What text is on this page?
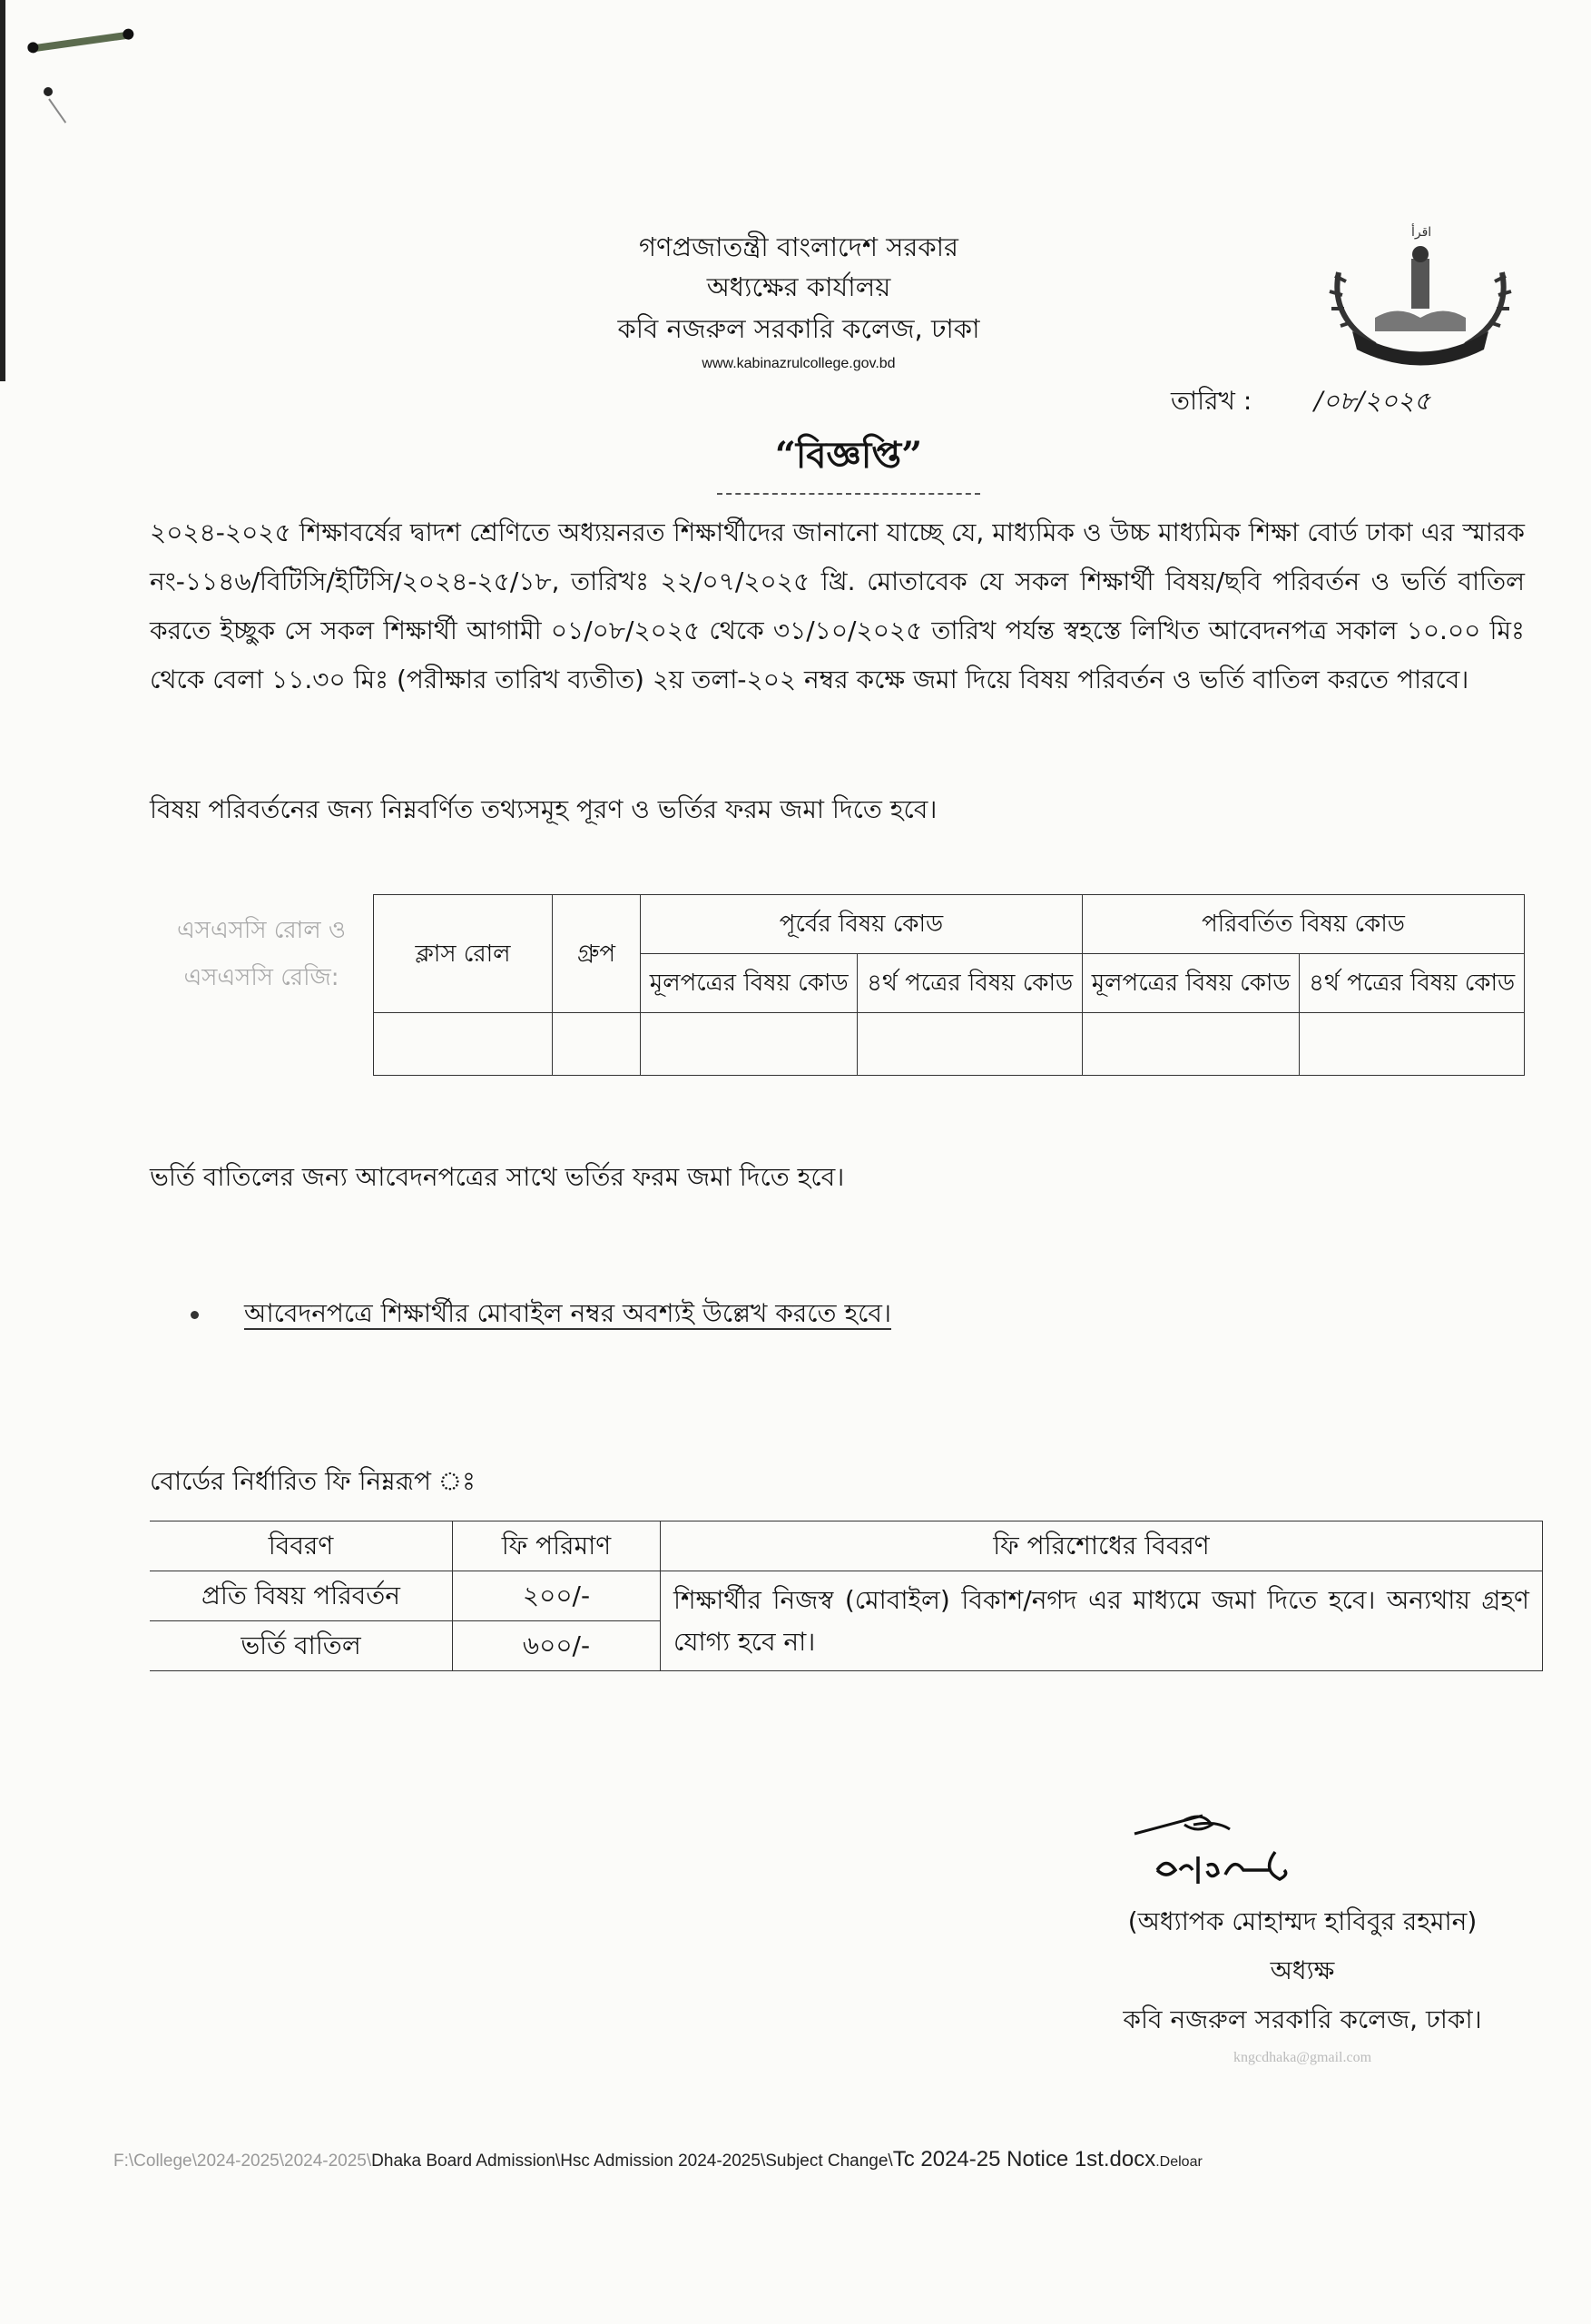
গণপ্রজাতন্ত্রী বাংলাদেশ সরকার
অধ্যক্ষের কার্যালয়
কবি নজরুল সরকারি কলেজ, ঢাকা
www.kabinazrulcollege.gov.bd
اقرأ
তারিখ : /০৮/২০২৫
“বিজ্ঞপ্তি”
২০২৪-২০২৫ শিক্ষাবর্ষের দ্বাদশ শ্রেণিতে অধ্যয়নরত শিক্ষার্থীদের জানানো যাচ্ছে যে, মাধ্যমিক ও উচ্চ মাধ্যমিক শিক্ষা বোর্ড ঢাকা এর স্মারক নং-১১৪৬/বিটিসি/ইটিসি/২০২৪-২৫/১৮, তারিখঃ ২২/০৭/২০২৫ খ্রি. মোতাবেক যে সকল শিক্ষার্থী বিষয়/ছবি পরিবর্তন ও ভর্তি বাতিল করতে ইচ্ছুক সে সকল শিক্ষার্থী আগামী ০১/০৮/২০২৫ থেকে ৩১/১০/২০২৫ তারিখ পর্যন্ত স্বহস্তে লিখিত আবেদনপত্র সকাল ১০.০০ মিঃ থেকে বেলা ১১.৩০ মিঃ (পরীক্ষার তারিখ ব্যতীত) ২য় তলা-২০২ নম্বর কক্ষে জমা দিয়ে বিষয় পরিবর্তন ও ভর্তি বাতিল করতে পারবে।
বিষয় পরিবর্তনের জন্য নিম্নবর্ণিত তথ্যসমূহ পূরণ ও ভর্তির ফরম জমা দিতে হবে।
এসএসসি রোল ও এসএসসি রেজি:	ক্লাস রোল	গ্রুপ	পূর্বের বিষয় কোড		পরিবর্তিত বিষয় কোড	
			মূলপত্রের বিষয় কোড	৪র্থ পত্রের বিষয় কোড	মূলপত্রের বিষয় কোড	৪র্থ পত্রের বিষয় কোড

ভর্তি বাতিলের জন্য আবেদনপত্রের সাথে ভর্তির ফরম জমা দিতে হবে।
আবেদনপত্রে শিক্ষার্থীর মোবাইল নম্বর অবশ্যই উল্লেখ করতে হবে।
বোর্ডের নির্ধারিত ফি নিম্নরূপ ঃ
বিবরণ	ফি পরিমাণ	ফি পরিশোধের বিবরণ
প্রতি বিষয় পরিবর্তন	২০০/-	শিক্ষার্থীর নিজস্ব (মোবাইল) বিকাশ/নগদ এর মাধ্যমে জমা দিতে হবে। অন্যথায় গ্রহণ যোগ্য হবে না।
ভর্তি বাতিল	৬০০/-	
(অধ্যাপক মোহাম্মদ হাবিবুর রহমান)
অধ্যক্ষ
কবি নজরুল সরকারি কলেজ, ঢাকা।
kngcdhaka@gmail.com
F:\College\2024-2025\2024-2025\Dhaka Board Admission\Hsc Admission 2024-2025\Subject Change\Tc 2024-25 Notice 1st.docx.Deloar
